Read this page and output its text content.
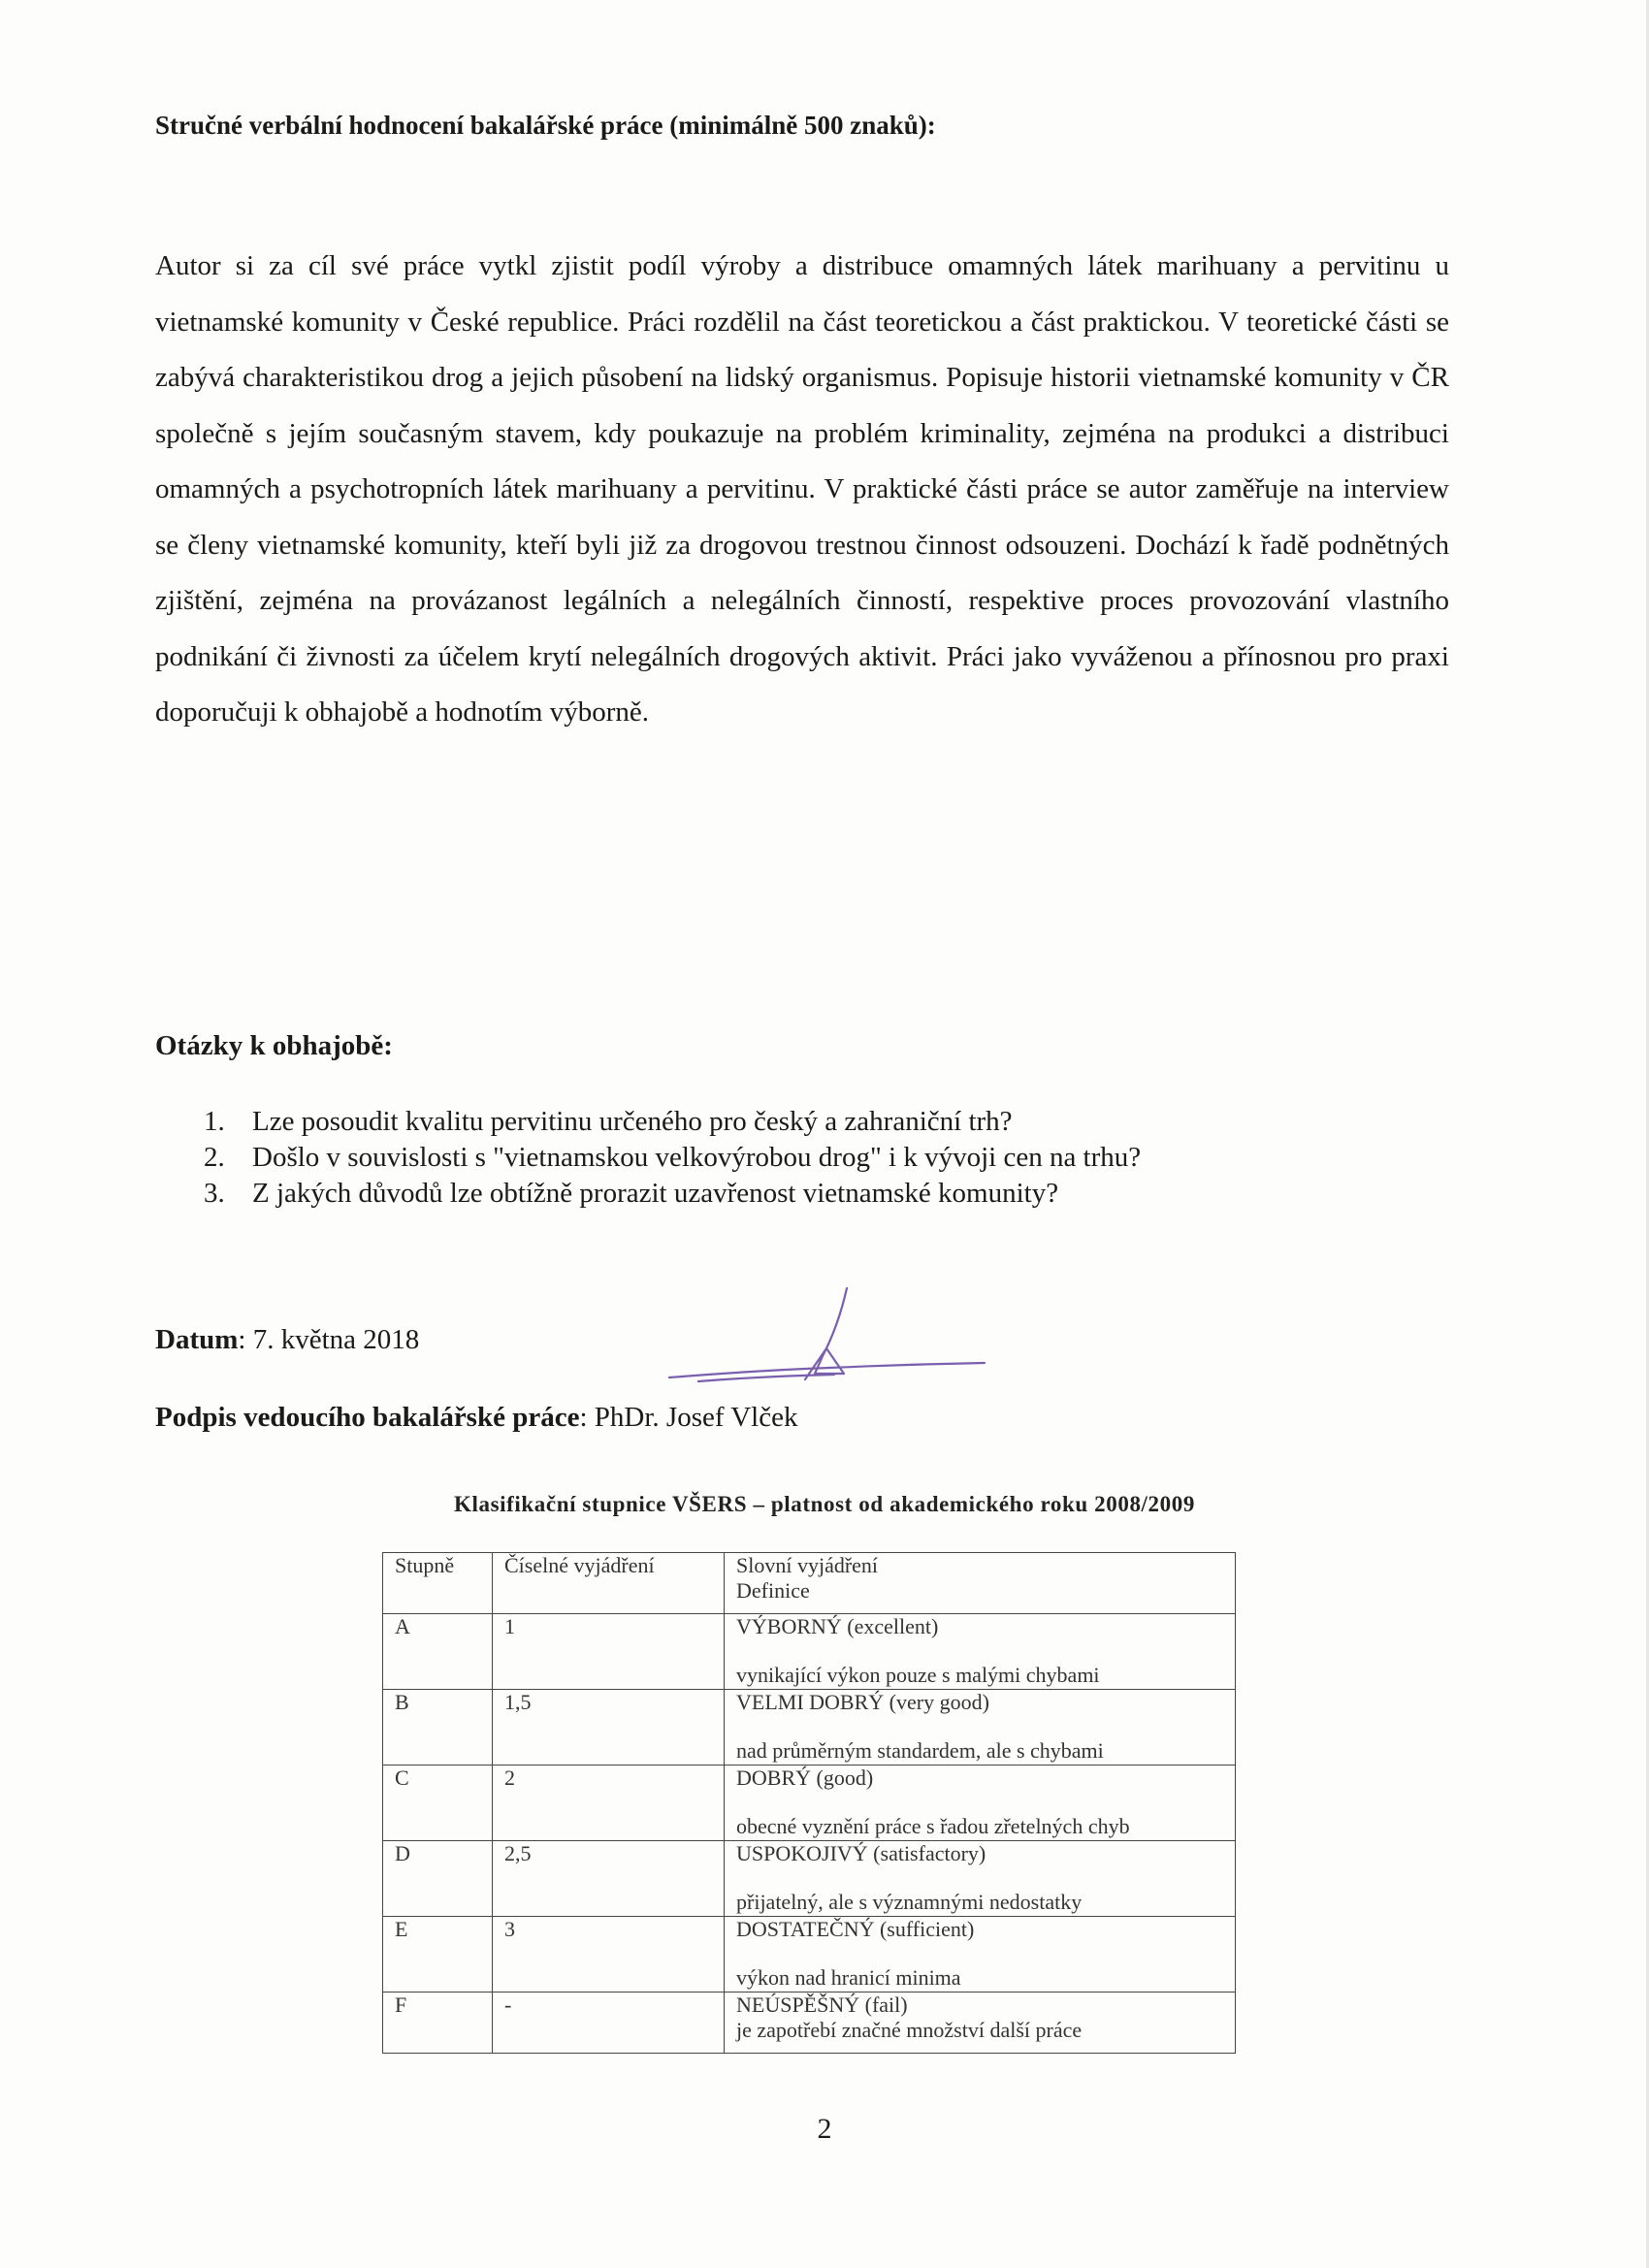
Stručné verbální hodnocení bakalářské práce (minimálně 500 znaků):

Autor si za cíl své práce vytkl zjistit podíl výroby a distribuce omamných látek marihuany a pervitinu u vietnamské komunity v České republice. Práci rozdělil na část teoretickou a část praktickou. V teoretické části se zabývá charakteristikou drog a jejich působení na lidský organismus. Popisuje historii vietnamské komunity v ČR společně s jejím současným stavem, kdy poukazuje na problém kriminality, zejména na produkci a distribuci omamných a psychotropních látek marihuany a pervitinu. V praktické části práce se autor zaměřuje na interview se členy vietnamské komunity, kteří byli již za drogovou trestnou činnost odsouzeni. Dochází k řadě podnětných zjištění, zejména na provázanost legálních a nelegálních činností, respektive proces provozování vlastního podnikání či živnosti za účelem krytí nelegálních drogových aktivit. Práci jako vyváženou a přínosnou pro praxi doporučuji k obhajobě a hodnotím výborně.

Otázky k obhajobě:
1. Lze posoudit kvalitu pervitinu určeného pro český a zahraniční trh?
2. Došlo v souvislosti s "vietnamskou velkovýrobou drog" i k vývoji cen na trhu?
3. Z jakých důvodů lze obtížně prorazit uzavřenost vietnamské komunity?
Datum: 7. května 2018
Podpis vedoucího bakalářské práce: PhDr. Josef Vlček
Klasifikační stupnice VŠERS – platnost od akademického roku 2008/2009
Stupně	Číselné vyjádření	Slovní vyjádření
Definice

A	1	VÝBORNÝ (excellent)
vynikající výkon pouze s malými chybami

B	1,5	VELMI DOBRÝ (very good)
nad průměrným standardem, ale s chybami

C	2	DOBRÝ (good)
obecné vyznění práce s řadou zřetelných chyb

D	2,5	USPOKOJIVÝ (satisfactory)
přijatelný, ale s významnými nedostatky

E	3	DOSTATEČNÝ (sufficient)
výkon nad hranicí minima

F	-	NEÚSPĚŠNÝ (fail)
je zapotřebí značné množství další práce
2
